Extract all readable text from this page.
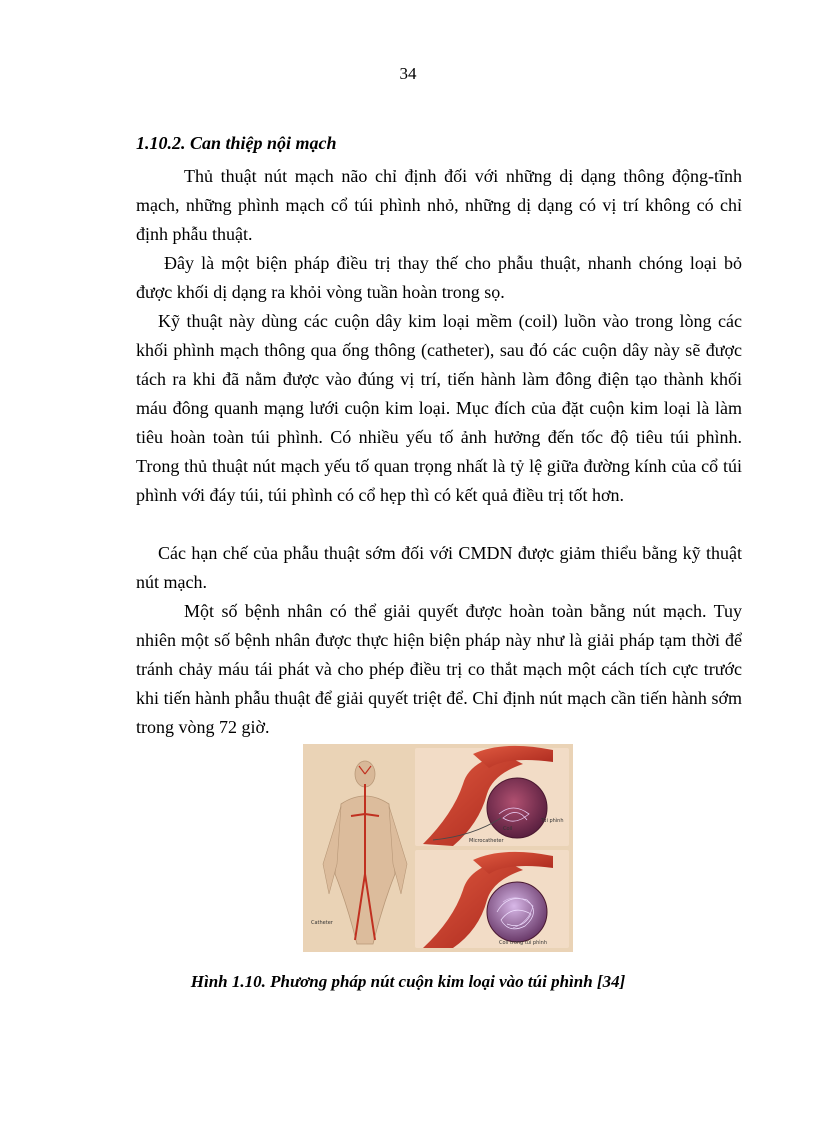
34
1.10.2. Can thiệp nội mạch

Thủ thuật nút mạch não chỉ định đối với những dị dạng thông động-tĩnh mạch, những phình mạch cổ túi phình nhỏ, những dị dạng có vị trí không có chỉ định phẫu thuật.

Đây là một biện pháp điều trị thay thế cho phẫu thuật, nhanh chóng loại bỏ được khối dị dạng ra khỏi vòng tuần hoàn trong sọ.

Kỹ thuật này dùng các cuộn dây kim loại mềm (coil) luồn vào trong lòng các khối phình mạch thông qua ống thông (catheter), sau đó các cuộn dây này sẽ được tách ra khi đã nằm được vào đúng vị trí, tiến hành làm đông điện tạo thành khối máu đông quanh mạng lưới cuộn kim loại. Mục đích của đặt cuộn kim loại là làm tiêu hoàn toàn túi phình. Có nhiều yếu tố ảnh hưởng đến tốc độ tiêu túi phình. Trong thủ thuật nút mạch yếu tố quan trọng nhất là tỷ lệ giữa đường kính của cổ túi phình với đáy túi, túi phình có cổ hẹp thì có kết quả điều trị tốt hơn.

Các hạn chế của phẫu thuật sớm đối với CMDN được giảm thiểu bằng kỹ thuật nút mạch.

Một số bệnh nhân có thể giải quyết được hoàn toàn bằng nút mạch. Tuy nhiên một số bệnh nhân được thực hiện biện pháp này như là giải pháp tạm thời để tránh chảy máu tái phát và cho phép điều trị co thắt mạch một cách tích cực trước khi tiến hành phẫu thuật để giải quyết triệt để. Chỉ định nút mạch cần tiến hành sớm trong vòng 72 giờ.

Catheter
Túi phình
Coil
Microcatheter
Coil trong túi phình

Hình 1.10. Phương pháp nút cuộn kim loại vào túi phình [34]
